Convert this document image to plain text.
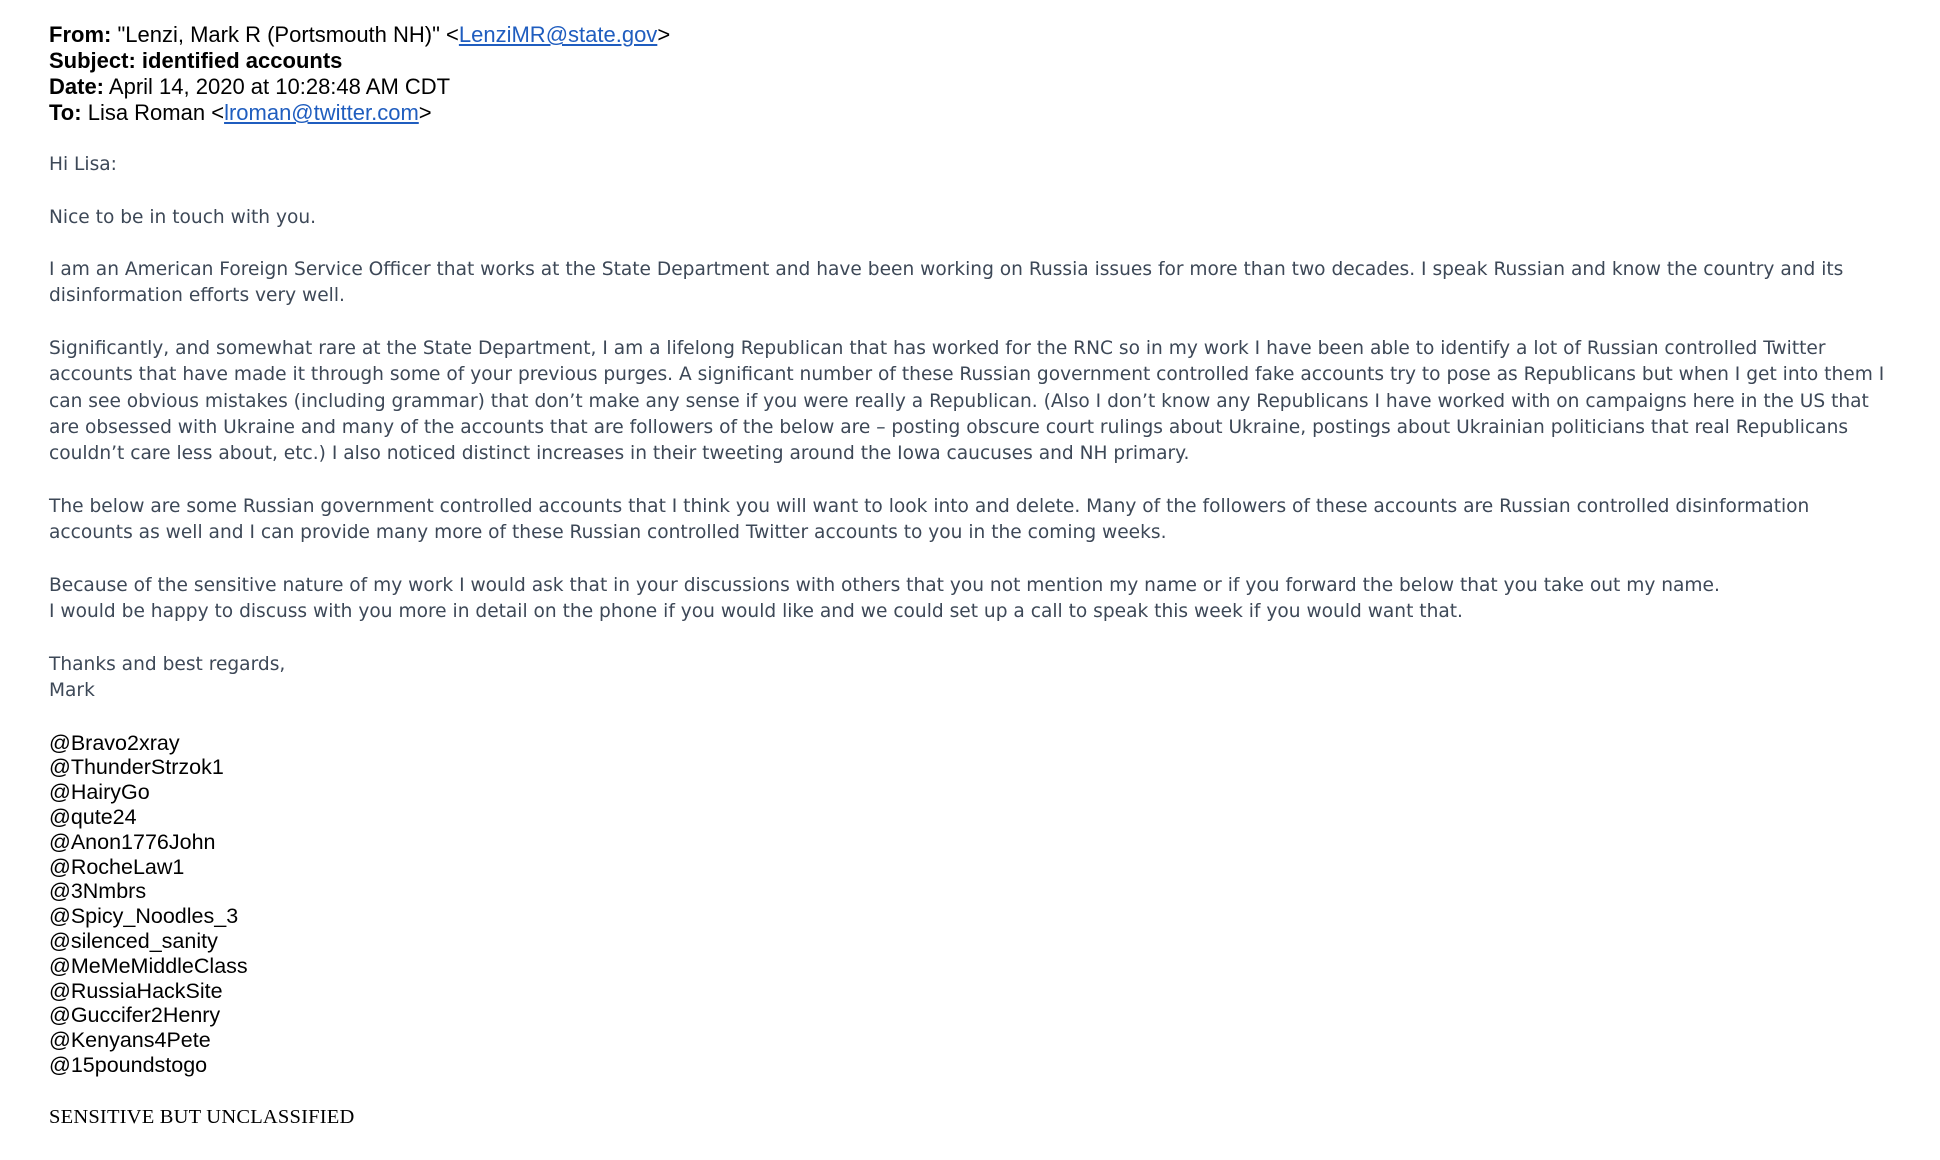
From: "Lenzi, Mark R (Portsmouth NH)" <LenziMR@state.gov>
Subject: identified accounts
Date: April 14, 2020 at 10:28:48 AM CDT
To: Lisa Roman <lroman@twitter.com>

Hi Lisa:

Nice to be in touch with you.

I am an American Foreign Service Officer that works at the State Department and have been working on Russia issues for more than two decades. I speak Russian and know the country and its disinformation efforts very well.

Significantly, and somewhat rare at the State Department, I am a lifelong Republican that has worked for the RNC so in my work I have been able to identify a lot of Russian controlled Twitter accounts that have made it through some of your previous purges. A significant number of these Russian government controlled fake accounts try to pose as Republicans but when I get into them I can see obvious mistakes (including grammar) that don’t make any sense if you were really a Republican. (Also I don’t know any Republicans I have worked with on campaigns here in the US that are obsessed with Ukraine and many of the accounts that are followers of the below are – posting obscure court rulings about Ukraine, postings about Ukrainian politicians that real Republicans couldn’t care less about, etc.) I also noticed distinct increases in their tweeting around the Iowa caucuses and NH primary.

The below are some Russian government controlled accounts that I think you will want to look into and delete. Many of the followers of these accounts are Russian controlled disinformation accounts as well and I can provide many more of these Russian controlled Twitter accounts to you in the coming weeks.

Because of the sensitive nature of my work I would ask that in your discussions with others that you not mention my name or if you forward the below that you take out my name.
I would be happy to discuss with you more in detail on the phone if you would like and we could set up a call to speak this week if you would want that.

Thanks and best regards,
Mark

@Bravo2xray
@ThunderStrzok1
@HairyGo
@qute24
@Anon1776John
@RocheLaw1
@3Nmbrs
@Spicy_Noodles_3
@silenced_sanity
@MeMeMiddleClass
@RussiaHackSite
@Guccifer2Henry
@Kenyans4Pete
@15poundstogo
SENSITIVE BUT UNCLASSIFIED
